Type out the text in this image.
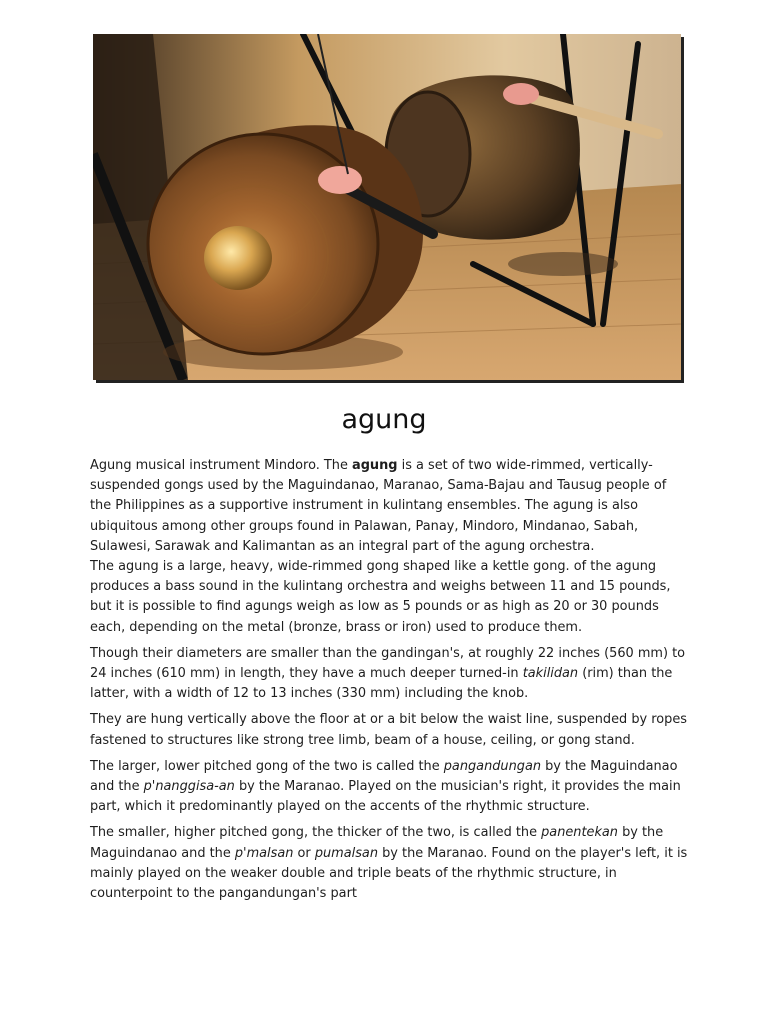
agung

Agung musical instrument Mindoro. The agung is a set of two wide-rimmed, vertically-suspended gongs used by the Maguindanao, Maranao, Sama-Bajau and Tausug people of the Philippines as a supportive instrument in kulintang ensembles. The agung is also ubiquitous among other groups found in Palawan, Panay, Mindoro, Mindanao, Sabah, Sulawesi, Sarawak and Kalimantan as an integral part of the agung orchestra.
The agung is a large, heavy, wide-rimmed gong shaped like a kettle gong. of the agung produces a bass sound in the kulintang orchestra and weighs between 11 and 15 pounds, but it is possible to find agungs weigh as low as 5 pounds or as high as 20 or 30 pounds each, depending on the metal (bronze, brass or iron) used to produce them.

Though their diameters are smaller than the gandingan's, at roughly 22 inches (560 mm) to 24 inches (610 mm) in length, they have a much deeper turned-in takilidan (rim) than the latter, with a width of 12 to 13 inches (330 mm) including the knob.

They are hung vertically above the floor at or a bit below the waist line, suspended by ropes fastened to structures like strong tree limb, beam of a house, ceiling, or gong stand.

The larger, lower pitched gong of the two is called the pangandungan by the Maguindanao and the p'nanggisa-an by the Maranao. Played on the musician's right, it provides the main part, which it predominantly played on the accents of the rhythmic structure.

The smaller, higher pitched gong, the thicker of the two, is called the panentekan by the Maguindanao and the p'malsan or pumalsan by the Maranao. Found on the player's left, it is mainly played on the weaker double and triple beats of the rhythmic structure, in counterpoint to the pangandungan's part
